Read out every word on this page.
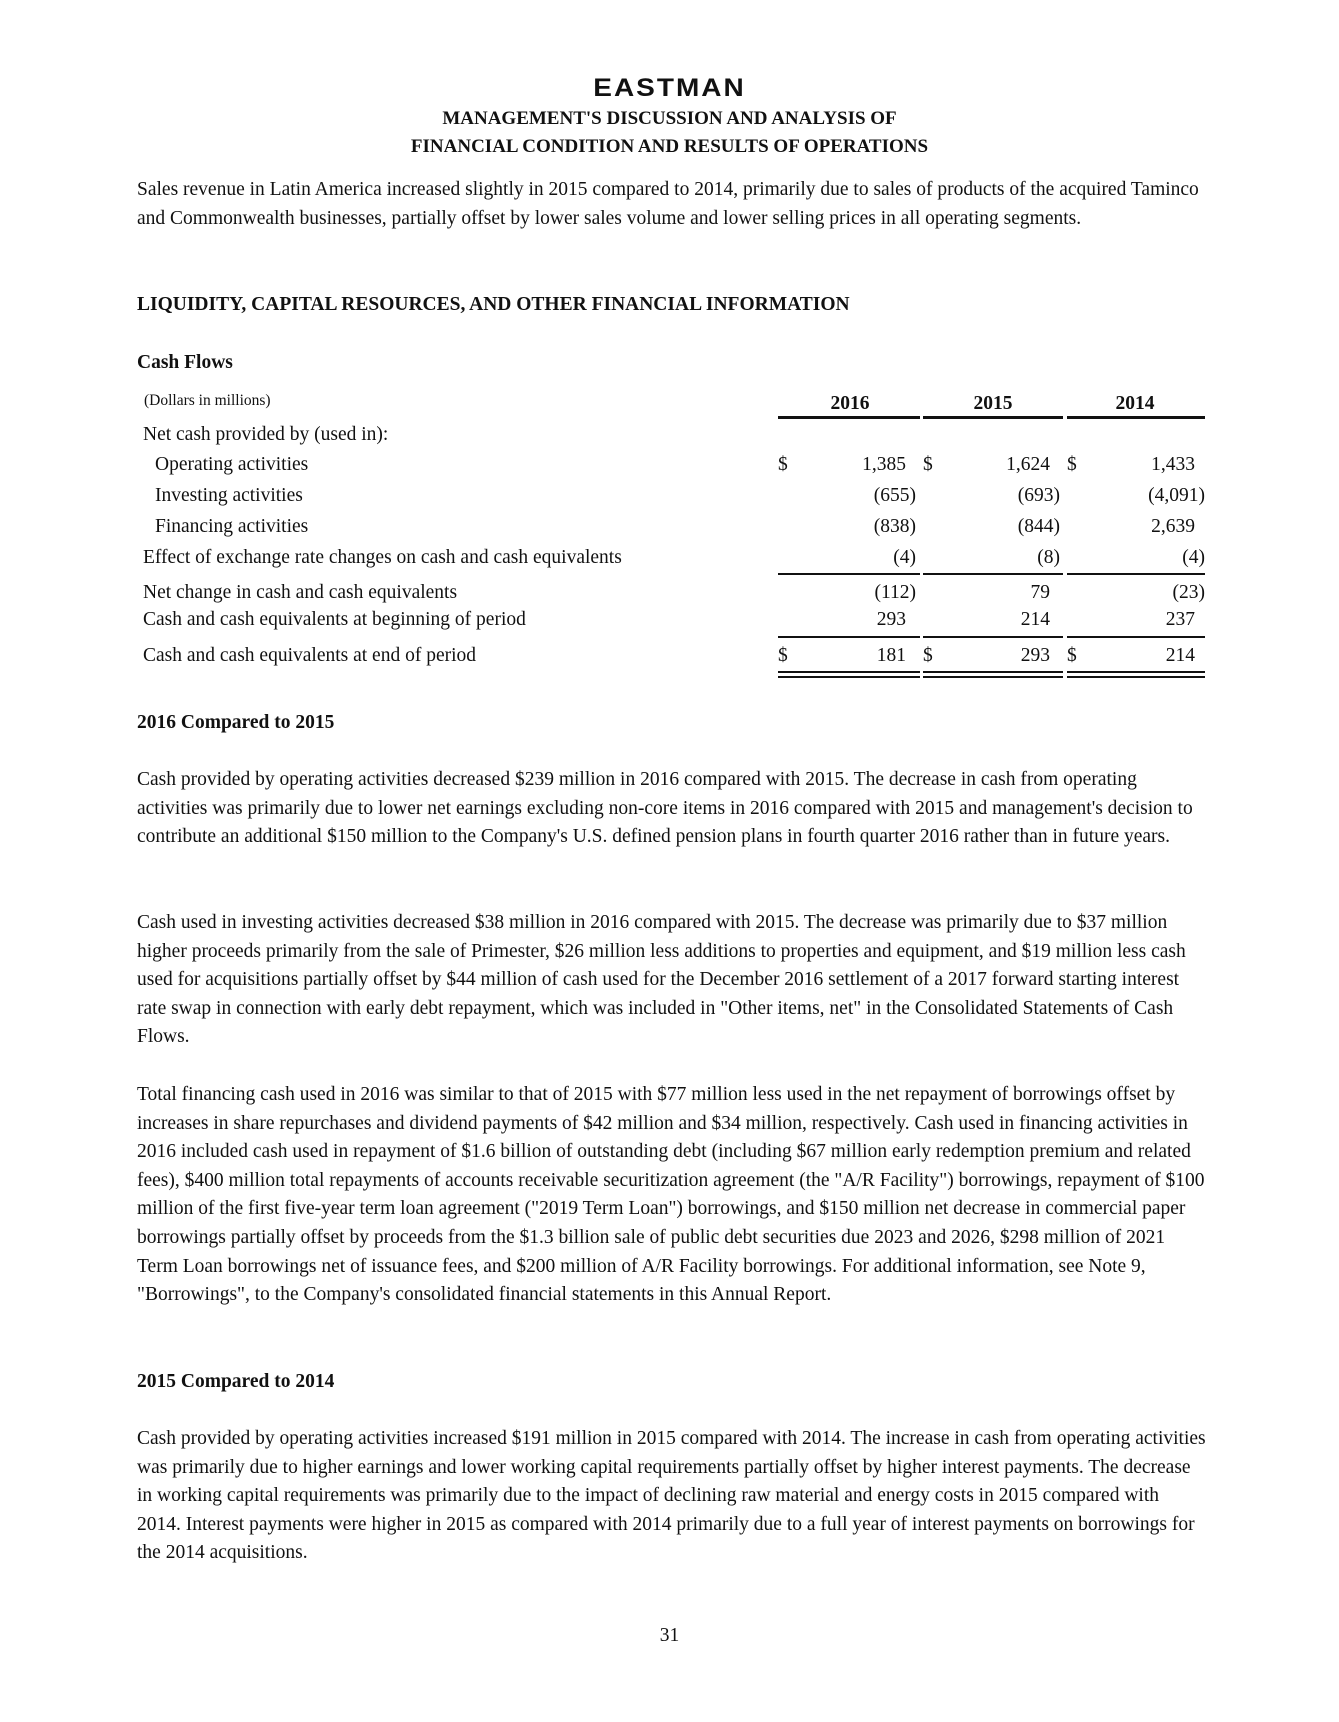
EASTMAN
MANAGEMENT'S DISCUSSION AND ANALYSIS OF
FINANCIAL CONDITION AND RESULTS OF OPERATIONS

Sales revenue in Latin America increased slightly in 2015 compared to 2014, primarily due to sales of products of the acquired Taminco and Commonwealth businesses, partially offset by lower sales volume and lower selling prices in all operating segments.

LIQUIDITY, CAPITAL RESOURCES, AND OTHER FINANCIAL INFORMATION
Cash Flows
(Dollars in millions)	2016	2015	2014
Net cash provided by (used in):
Operating activities	$	1,385 $	1,624 $	1,433
Investing activities	(655)	(693)	(4,091)
Financing activities	(838)	(844)	2,639
Effect of exchange rate changes on cash and cash equivalents	(4)	(8)	(4)
Net change in cash and cash equivalents	(112)	79	(23)
Cash and cash equivalents at beginning of period	293	214	237
Cash and cash equivalents at end of period	$	181 $	293 $	214
2016 Compared to 2015

Cash provided by operating activities decreased $239 million in 2016 compared with 2015. The decrease in cash from operating activities was primarily due to lower net earnings excluding non-core items in 2016 compared with 2015 and management's decision to contribute an additional $150 million to the Company's U.S. defined pension plans in fourth quarter 2016 rather than in future years.

Cash used in investing activities decreased $38 million in 2016 compared with 2015. The decrease was primarily due to $37 million higher proceeds primarily from the sale of Primester, $26 million less additions to properties and equipment, and $19 million less cash used for acquisitions partially offset by $44 million of cash used for the December 2016 settlement of a 2017 forward starting interest rate swap in connection with early debt repayment, which was included in "Other items, net" in the Consolidated Statements of Cash Flows.

Total financing cash used in 2016 was similar to that of 2015 with $77 million less used in the net repayment of borrowings offset by increases in share repurchases and dividend payments of $42 million and $34 million, respectively. Cash used in financing activities in 2016 included cash used in repayment of $1.6 billion of outstanding debt (including $67 million early redemption premium and related fees), $400 million total repayments of accounts receivable securitization agreement (the "A/R Facility") borrowings, repayment of $100 million of the first five-year term loan agreement ("2019 Term Loan") borrowings, and $150 million net decrease in commercial paper borrowings partially offset by proceeds from the $1.3 billion sale of public debt securities due 2023 and 2026, $298 million of 2021 Term Loan borrowings net of issuance fees, and $200 million of A/R Facility borrowings. For additional information, see Note 9, "Borrowings", to the Company's consolidated financial statements in this Annual Report.

2015 Compared to 2014

Cash provided by operating activities increased $191 million in 2015 compared with 2014. The increase in cash from operating activities was primarily due to higher earnings and lower working capital requirements partially offset by higher interest payments. The decrease in working capital requirements was primarily due to the impact of declining raw material and energy costs in 2015 compared with 2014. Interest payments were higher in 2015 as compared with 2014 primarily due to a full year of interest payments on borrowings for the 2014 acquisitions.

31
